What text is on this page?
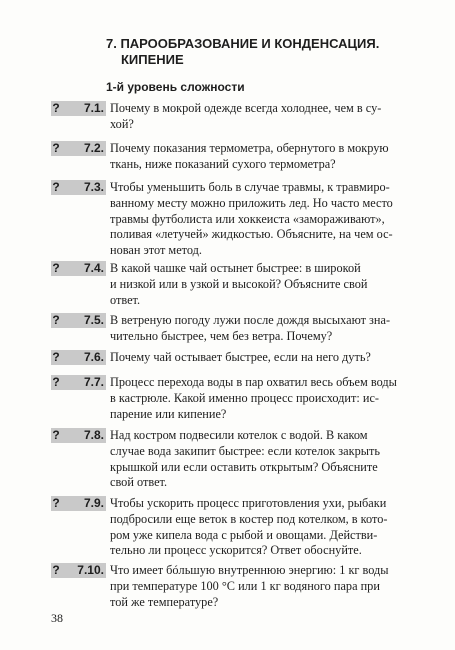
7. ПАРООБРАЗОВАНИЕ И КОНДЕНСАЦИЯ.
КИПЕНИЕ
1-й уровень сложности
?	7.1. Почему в мокрой одежде всегда холоднее, чем в су-
хой?
?	7.2. Почему показания термометра, обернутого в мокрую
ткань, ниже показаний сухого термометра?
?	7.3. Чтобы уменьшить боль в случае травмы, к травмиро-
ванному месту можно приложить лед. Но часто место
травмы футболиста или хоккеиста «замораживают»,
поливая «летучей» жидкостью. Объясните, на чем ос-
нован этот метод.
?	7.4. В какой чашке чай остынет быстрее: в широкой
и низкой или в узкой и высокой? Объясните свой
ответ.
?	7.5. В ветреную погоду лужи после дождя высыхают зна-
чительно быстрее, чем без ветра. Почему?
?	7.6. Почему чай остывает быстрее, если на него дуть?
?	7.7. Процесс перехода воды в пар охватил весь объем воды
в кастрюле. Какой именно процесс происходит: ис-
парение или кипение?
?	7.8. Над костром подвесили котелок с водой. В каком
случае вода закипит быстрее: если котелок закрыть
крышкой или если оставить открытым? Объясните
свой ответ.
?	7.9. Чтобы ускорить процесс приготовления ухи, рыбаки
подбросили еще веток в костер под котелком, в кото-
ром уже кипела вода с рыбой и овощами. Действи-
тельно ли процесс ускорится? Ответ обоснуйте.
?	7.10. Что имеет бóльшую внутреннюю энергию: 1 кг воды
при температуре 100 °С или 1 кг водяного пара при
той же температуре?
38
